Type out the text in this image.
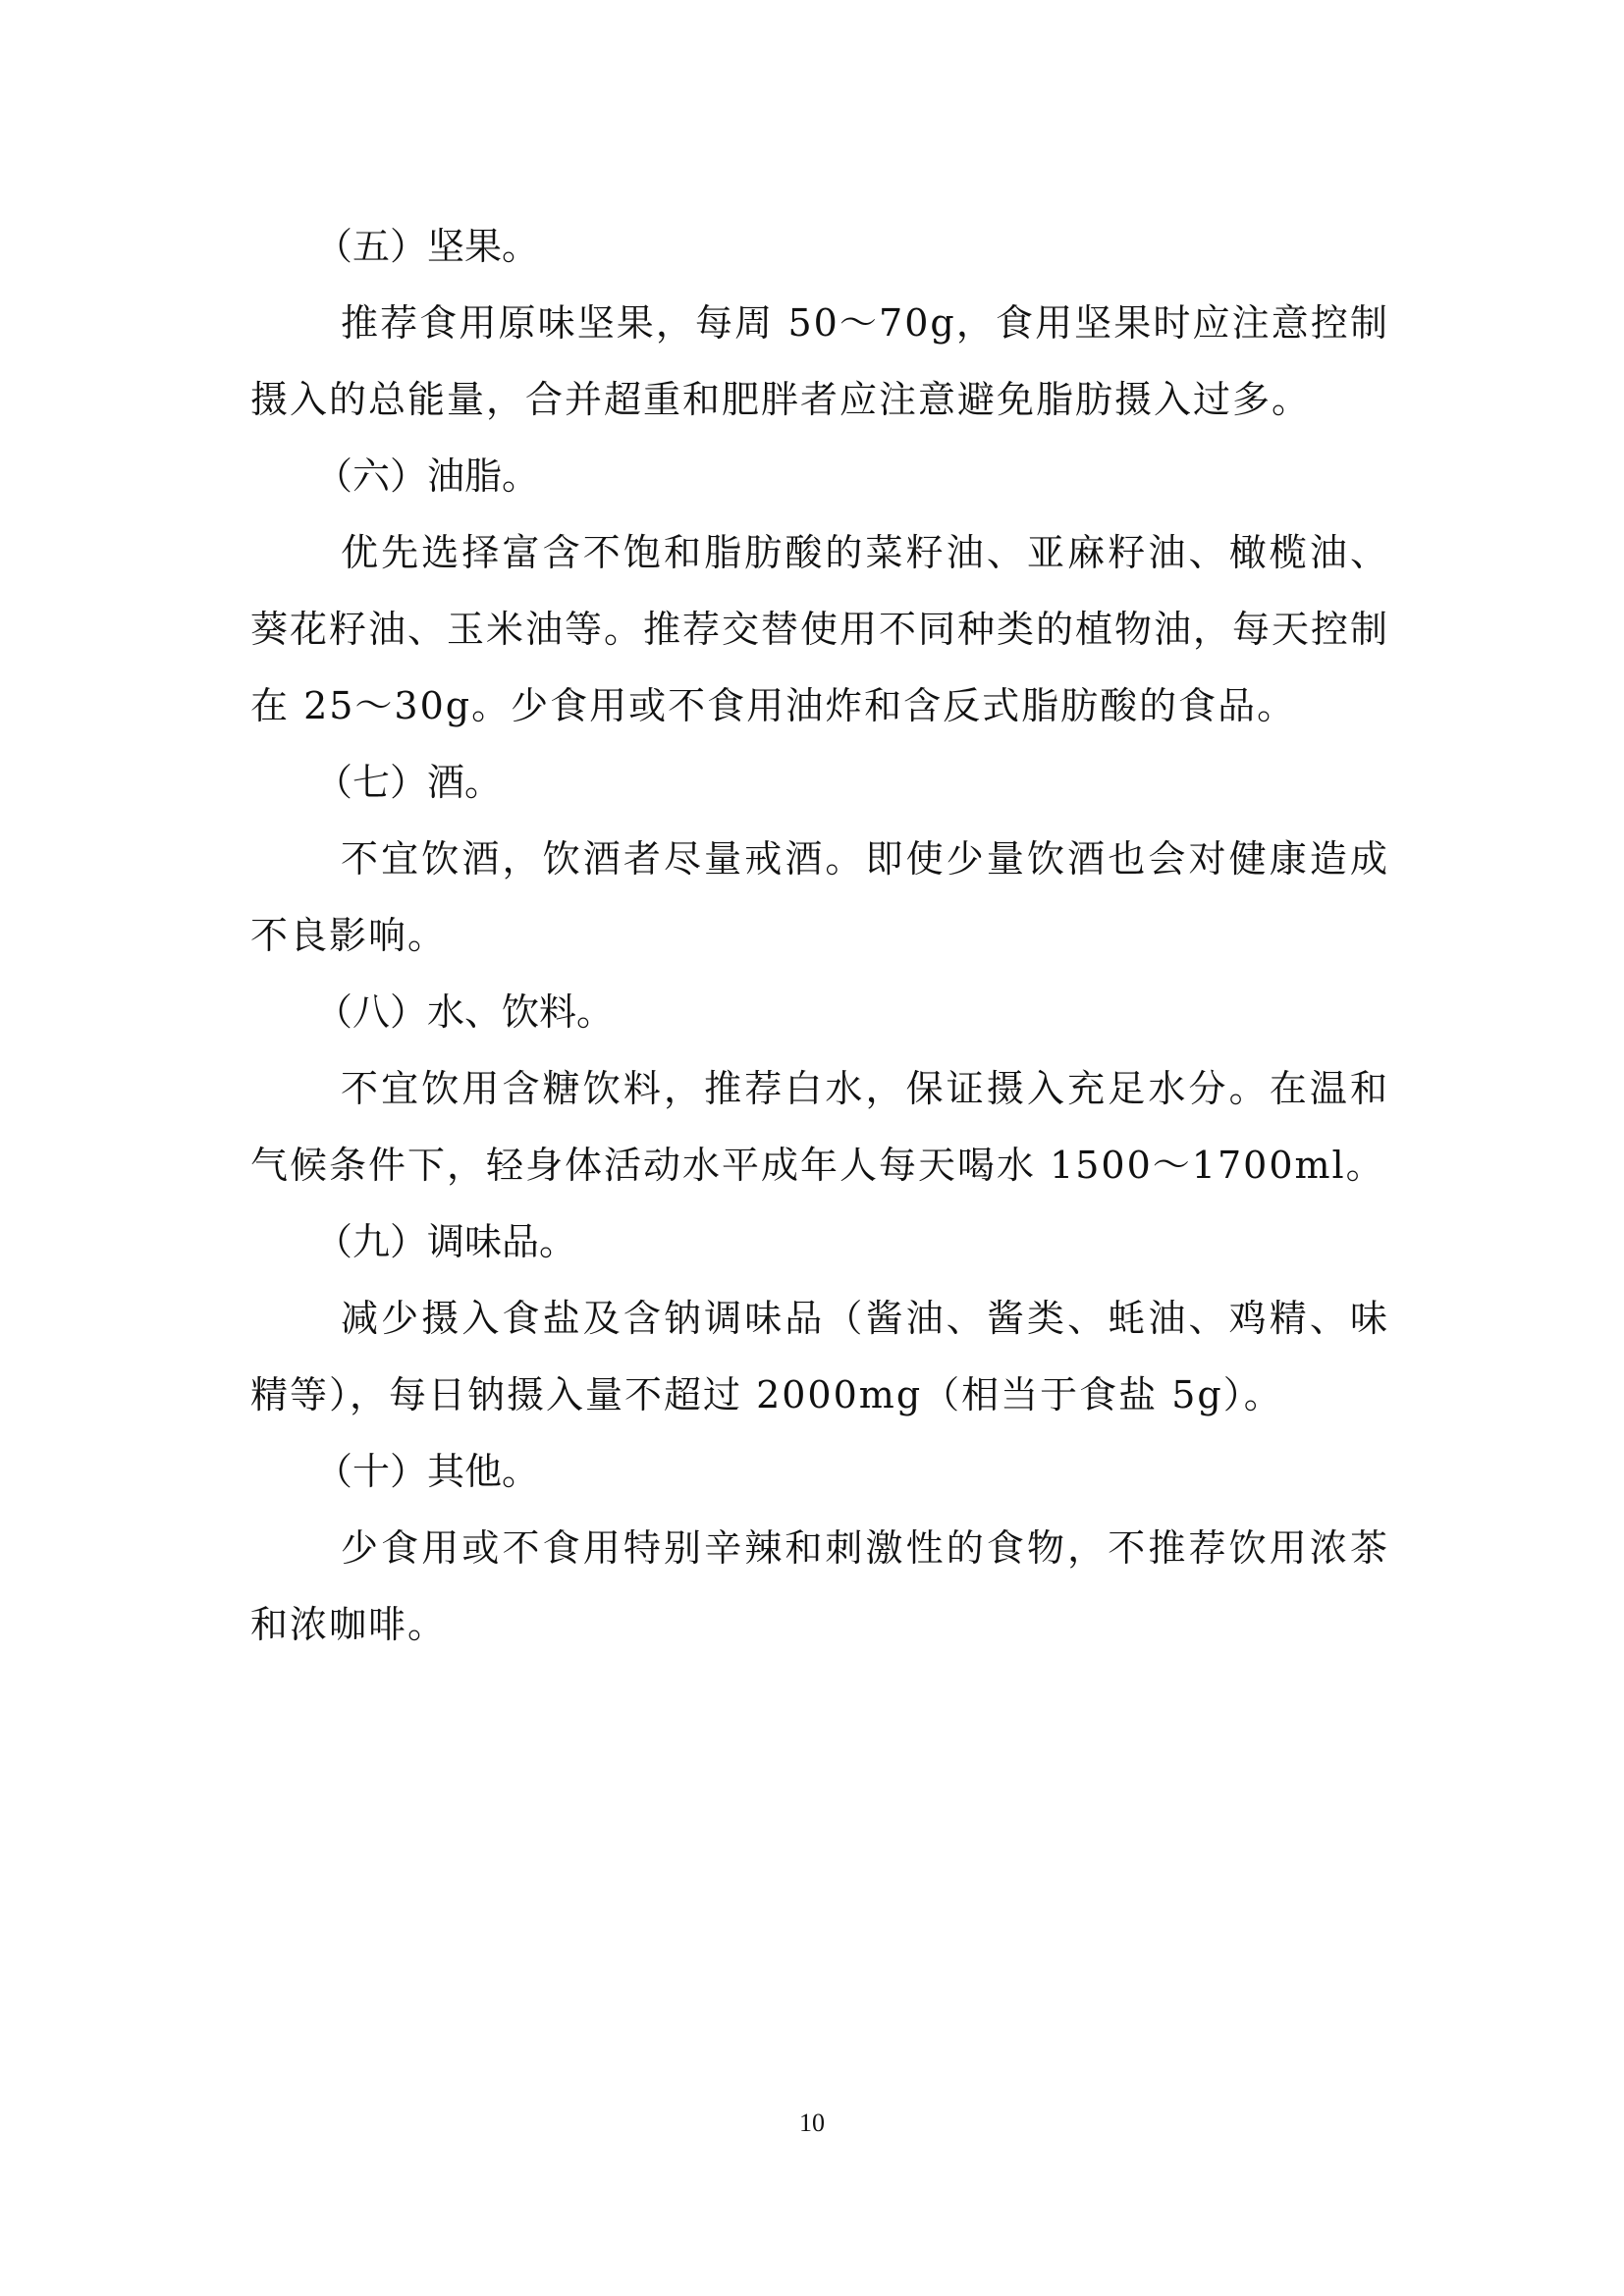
（五）坚果。

推荐食用原味坚果，每周 50～70g，食用坚果时应注意控制摄入的总能量，合并超重和肥胖者应注意避免脂肪摄入过多。

（六）油脂。

优先选择富含不饱和脂肪酸的菜籽油、亚麻籽油、橄榄油、葵花籽油、玉米油等。推荐交替使用不同种类的植物油，每天控制在 25～30g。少食用或不食用油炸和含反式脂肪酸的食品。

（七）酒。

不宜饮酒，饮酒者尽量戒酒。即使少量饮酒也会对健康造成不良影响。

（八）水、饮料。

不宜饮用含糖饮料，推荐白水，保证摄入充足水分。在温和气候条件下，轻身体活动水平成年人每天喝水 1500～1700ml。

（九）调味品。

减少摄入食盐及含钠调味品（酱油、酱类、蚝油、鸡精、味精等），每日钠摄入量不超过 2000mg（相当于食盐 5g）。

（十）其他。

少食用或不食用特别辛辣和刺激性的食物，不推荐饮用浓茶和浓咖啡。

10
